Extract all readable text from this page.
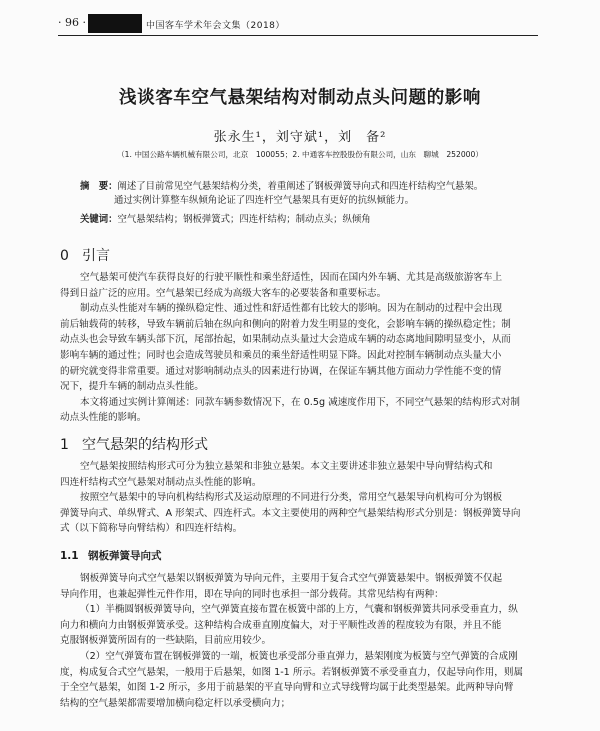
· 96 ·	中国客车学术年会文集（2018）
浅谈客车空气悬架结构对制动点头问题的影响
张永生¹，刘守斌¹，刘　备²
（1. 中国公路车辆机械有限公司，北京　100055；2. 中通客车控股股份有限公司，山东　聊城　252000）
摘　要：阐述了目前常见空气悬架结构分类，着重阐述了钢板弹簧导向式和四连杆结构空气悬架。
通过实例计算整车纵倾角论证了四连杆空气悬架具有更好的抗纵倾能力。
关键词：空气悬架结构；钢板弹簧式；四连杆结构；制动点头；纵倾角
0 引言
空气悬架可使汽车获得良好的行驶平顺性和乘坐舒适性，因而在国内外车辆、尤其是高级旅游客车上
得到日益广泛的应用。空气悬架已经成为高级大客车的必要装备和重要标志。
制动点头性能对车辆的操纵稳定性、通过性和舒适性都有比较大的影响。因为在制动的过程中会出现
前后轴载荷的转移，导致车辆前后轴在纵向和侧向的附着力发生明显的变化，会影响车辆的操纵稳定性；制
动点头也会导致车辆头部下沉，尾部抬起，如果制动点头量过大会造成车辆的动态离地间隙明显变小，从而
影响车辆的通过性；同时也会造成驾驶员和乘员的乘坐舒适性明显下降。因此对控制车辆制动点头量大小
的研究就变得非常重要。通过对影响制动点头的因素进行协调，在保证车辆其他方面动力学性能不变的情
况下，提升车辆的制动点头性能。
本文将通过实例计算阐述：同款车辆参数情况下，在 0.5g 减速度作用下，不同空气悬架的结构形式对制
动点头性能的影响。
1 空气悬架的结构形式
空气悬架按照结构形式可分为独立悬架和非独立悬架。本文主要讲述非独立悬架中导向臂结构式和
四连杆结构式空气悬架对制动点头性能的影响。
按照空气悬架中的导向机构结构形式及运动原理的不同进行分类，常用空气悬架导向机构可分为钢板
弹簧导向式、单纵臂式、A 形架式、四连杆式。本文主要使用的两种空气悬架结构形式分别是：钢板弹簧导向
式（以下简称导向臂结构）和四连杆结构。
1.1 钢板弹簧导向式
钢板弹簧导向式空气悬架以钢板弹簧为导向元件，主要用于复合式空气弹簧悬架中。钢板弹簧不仅起
导向作用，也兼起弹性元件作用，即在导向的同时也承担一部分载荷。其常见结构有两种：
（1）半椭圆钢板弹簧导向，空气弹簧直接布置在板簧中部的上方，气囊和钢板弹簧共同承受垂直力，纵
向力和横向力由钢板弹簧承受。这种结构合成垂直刚度偏大，对于平顺性改善的程度较为有限，并且不能
克服钢板弹簧所固有的一些缺陷，目前应用较少。
（2）空气弹簧布置在钢板弹簧的一端，板簧也承受部分垂直弹力，悬架刚度为板簧与空气弹簧的合成刚
度，构成复合式空气悬架，一般用于后悬架，如图 1-1 所示。若钢板弹簧不承受垂直力，仅起导向作用，则属
于全空气悬架，如图 1-2 所示，多用于前悬架的平直导向臂和立式导线臂均属于此类型悬架。此两种导向臂
结构的空气悬架都需要增加横向稳定杆以承受横向力；
